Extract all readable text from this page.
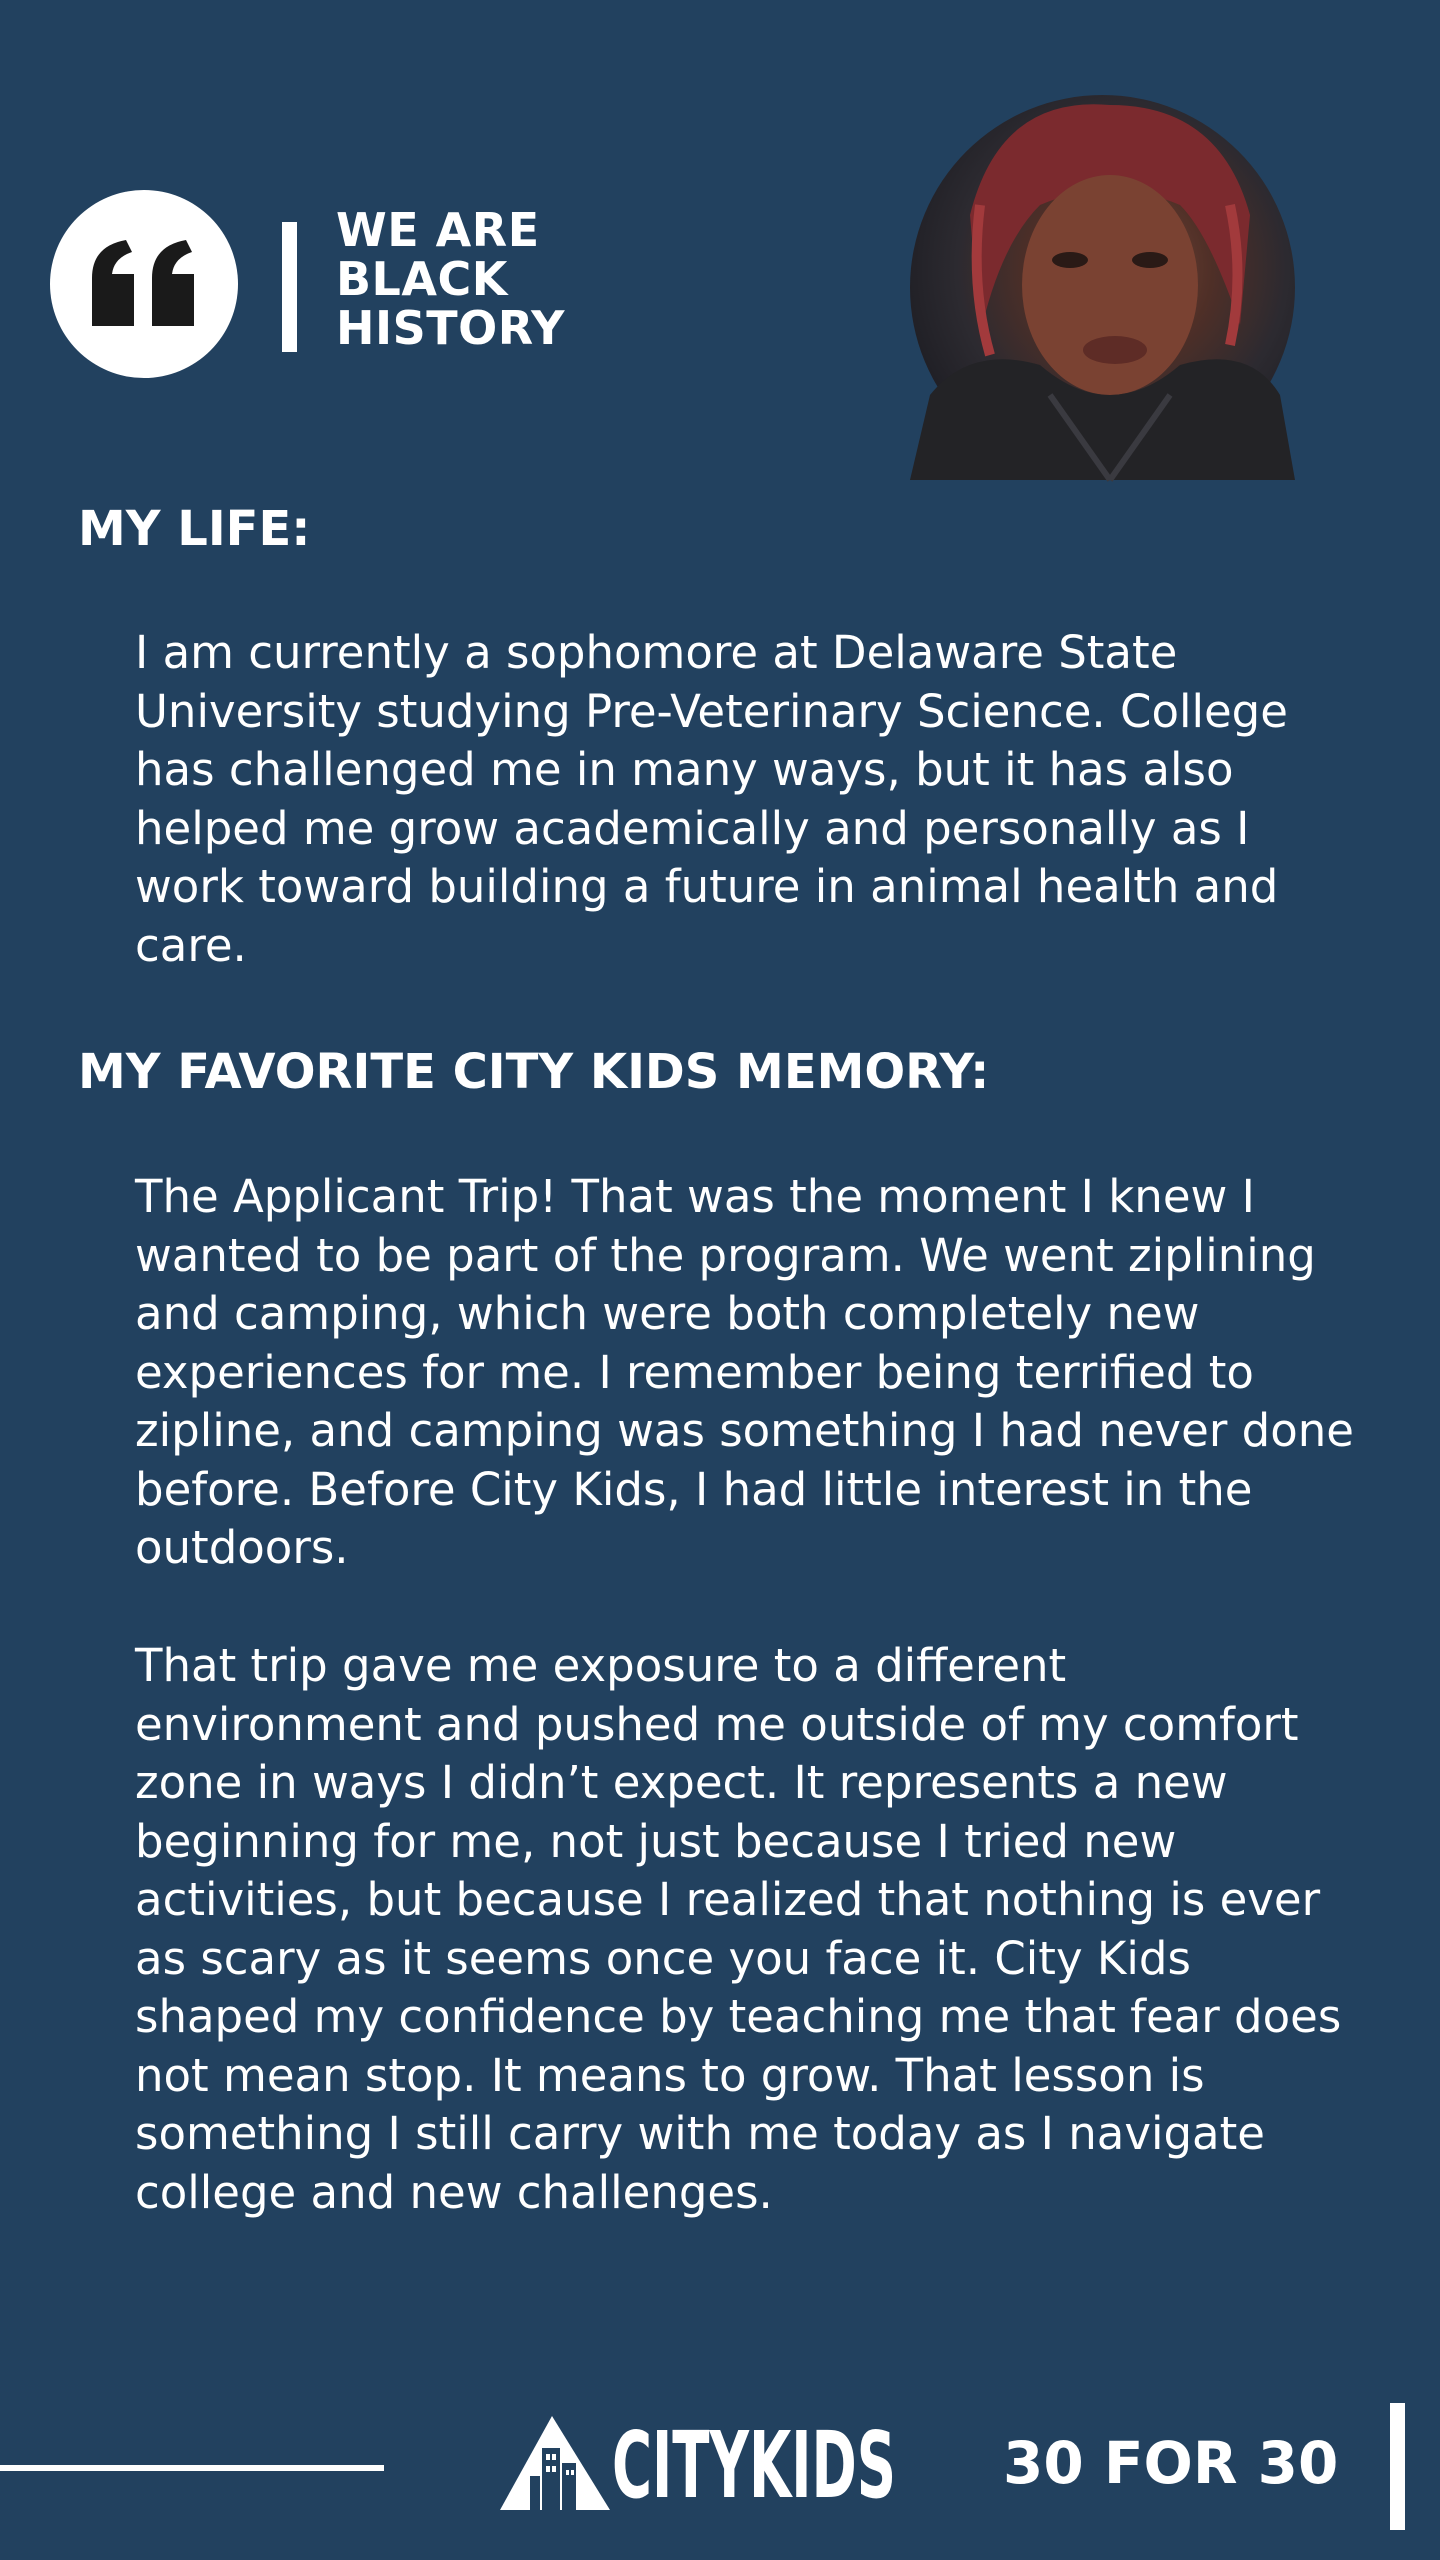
WE ARE
BLACK
HISTORY
MY LIFE:

I am currently a sophomore at Delaware State University studying Pre-Veterinary Science. College has challenged me in many ways, but it has also helped me grow academically and personally as I work toward building a future in animal health and care.

MY FAVORITE CITY KIDS MEMORY:

The Applicant Trip! That was the moment I knew I wanted to be part of the program. We went ziplining and camping, which were both completely new experiences for me. I remember being terrified to zipline, and camping was something I had never done before. Before City Kids, I had little interest in the outdoors.

That trip gave me exposure to a different environment and pushed me outside of my comfort zone in ways I didn’t expect. It represents a new beginning for me, not just because I tried new activities, but because I realized that nothing is ever as scary as it seems once you face it. City Kids shaped my confidence by teaching me that fear does not mean stop. It means to grow. That lesson is something I still carry with me today as I navigate college and new challenges.

CITYKIDS 30 FOR 30
